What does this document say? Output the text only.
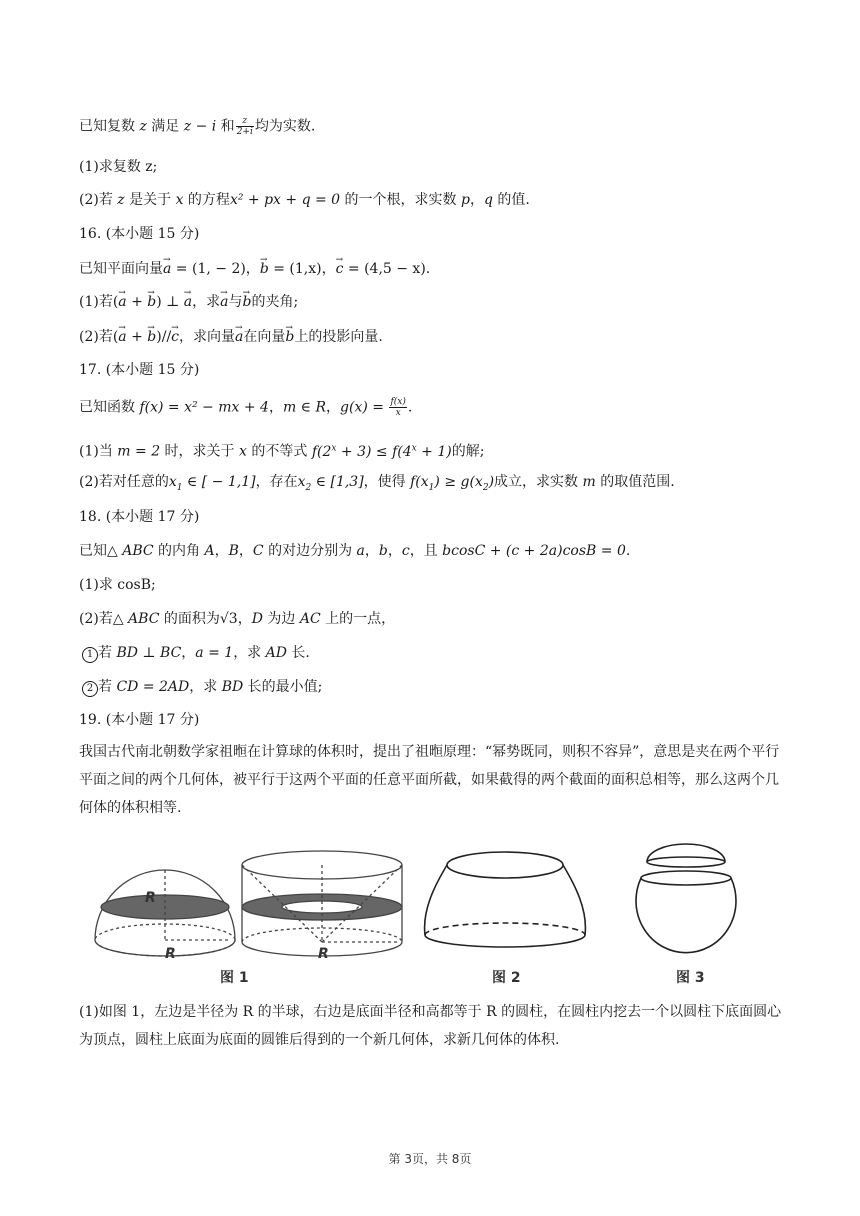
已知复数 z 满足 z − i 和 $\frac{z}{2+i}$ 均为实数.
(1)求复数 z;
(2)若 z 是关于 x 的方程x² + px + q = 0 的一个根，求实数 p，q 的值.
16. (本小题 15 分)
已知平面向量→ a = (1, − 2)，→ b = (1,x)，→ c = (4,5 − x).
(1)若(→ a + → b) ⊥ → a，求→ a与→ b的夹角;
(2)若(→ a + → b)//→ c，求向量→ a在向量→ b上的投影向量.
17. (本小题 15 分)
已知函数 f(x) = x² − mx + 4，m ∈ R，$g(x) = \frac{f(x)}{x}$ .
(1)当 m = 2 时，求关于 x 的不等式 $f(2^x + 3) \le f(4^x + 1)$的解;
(2)若对任意的$x_1$ ∈ [ − 1,1]，存在$x_2$ ∈ [1,3]，使得 $f(x_1) \ge g(x_2)$成立，求实数 m 的取值范围.
18. (本小题 17 分)
已知△ ABC 的内角 A，B，C 的对边分别为 a，b，c，且 bcosC + (c + 2a)cosB = 0.
(1)求 cosB;
(2)若△ ABC 的面积为√3，D 为边 AC 上的一点，
1 若 BD ⊥ BC，a = 1，求 AD 长.
2 若 CD = 2AD，求 BD 长的最小值;
19. (本小题 17 分)
我国古代南北朝数学家祖暅在计算球的体积时，提出了祖暅原理：“幂势既同，则积不容异”，意思是夹在两个平行平面之间的两个几何体，被平行于这两个平面的任意平面所截，如果截得的两个截面的面积总相等，那么这两个几何体的体积相等.
R
R	R
图 1	图 2	图 3
(1)如图 1，左边是半径为 R 的半球，右边是底面半径和高都等于 R 的圆柱，在圆柱内挖去一个以圆柱下底面圆心为顶点，圆柱上底面为底面的圆锥后得到的一个新几何体，求新几何体的体积.
第 3页，共 8页
